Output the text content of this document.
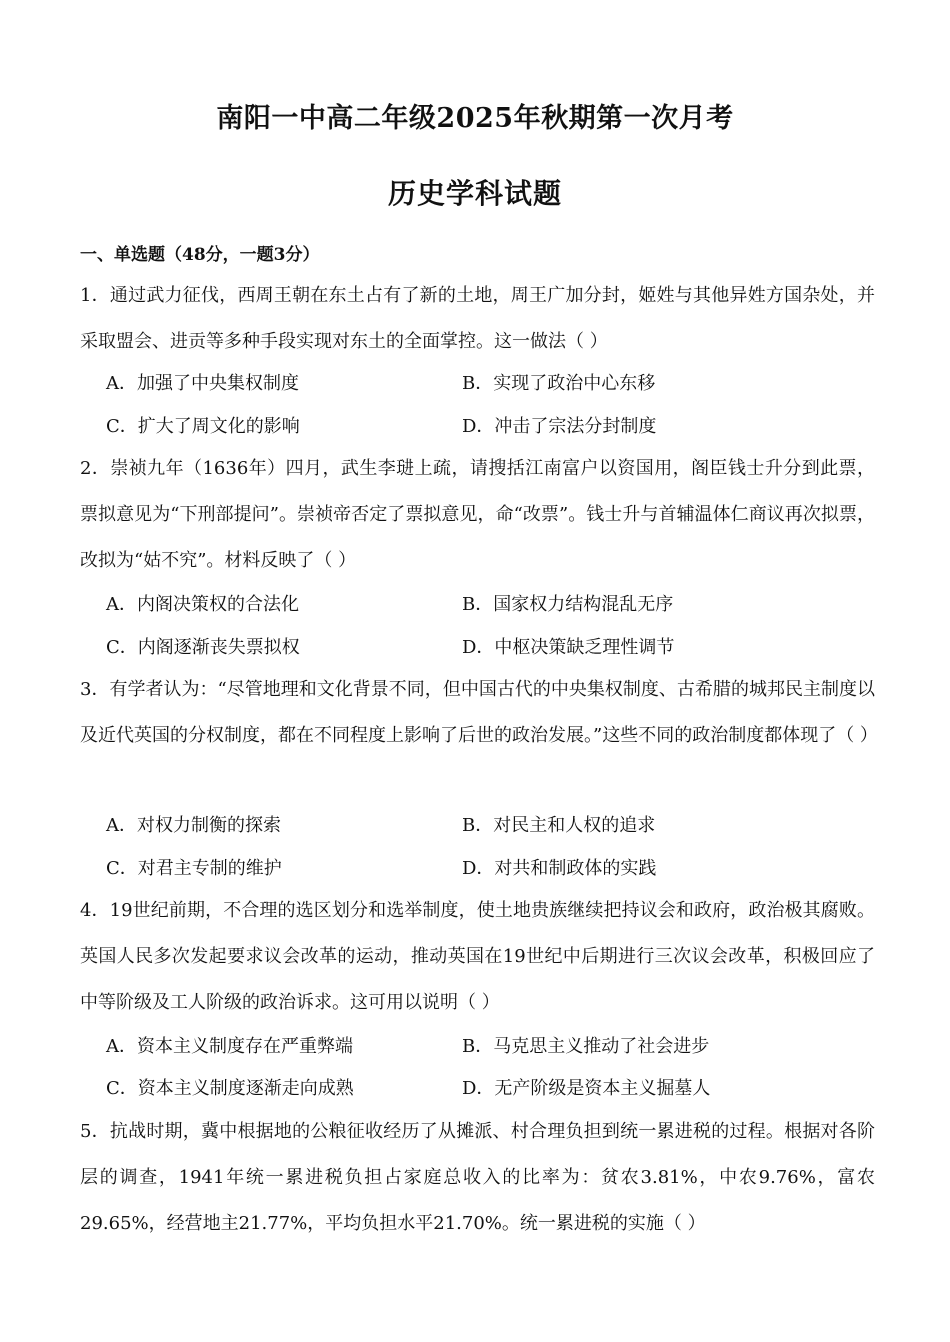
南阳一中高二年级2025年秋期第一次月考
历史学科试题
一、单选题（48分，一题3分）
1．通过武力征伐，西周王朝在东土占有了新的土地，周王广加分封，姬姓与其他异姓方国杂处，并采取盟会、进贡等多种手段实现对东土的全面掌控。这一做法（ ）
A．加强了中央集权制度	B．实现了政治中心东移
C．扩大了周文化的影响	D．冲击了宗法分封制度
2．崇祯九年（1636年）四月，武生李琎上疏，请搜括江南富户以资国用，阁臣钱士升分到此票，票拟意见为“下刑部提问”。崇祯帝否定了票拟意见，命“改票”。钱士升与首辅温体仁商议再次拟票，改拟为“姑不究”。材料反映了（ ）
A．内阁决策权的合法化	B．国家权力结构混乱无序
C．内阁逐渐丧失票拟权	D．中枢决策缺乏理性调节
3．有学者认为：“尽管地理和文化背景不同，但中国古代的中央集权制度、古希腊的城邦民主制度以及近代英国的分权制度，都在不同程度上影响了后世的政治发展。”这些不同的政治制度都体现了（ ）
A．对权力制衡的探索	B．对民主和人权的追求
C．对君主专制的维护	D．对共和制政体的实践
4．19世纪前期，不合理的选区划分和选举制度，使土地贵族继续把持议会和政府，政治极其腐败。英国人民多次发起要求议会改革的运动，推动英国在19世纪中后期进行三次议会改革，积极回应了中等阶级及工人阶级的政治诉求。这可用以说明（ ）
A．资本主义制度存在严重弊端	B．马克思主义推动了社会进步
C．资本主义制度逐渐走向成熟	D．无产阶级是资本主义掘墓人
5．抗战时期，冀中根据地的公粮征收经历了从摊派、村合理负担到统一累进税的过程。根据对各阶层的调查，1941年统一累进税负担占家庭总收入的比率为：贫农3.81%，中农9.76%，富农29.65%，经营地主21.77%，平均负担水平21.70%。统一累进税的实施（ ）
